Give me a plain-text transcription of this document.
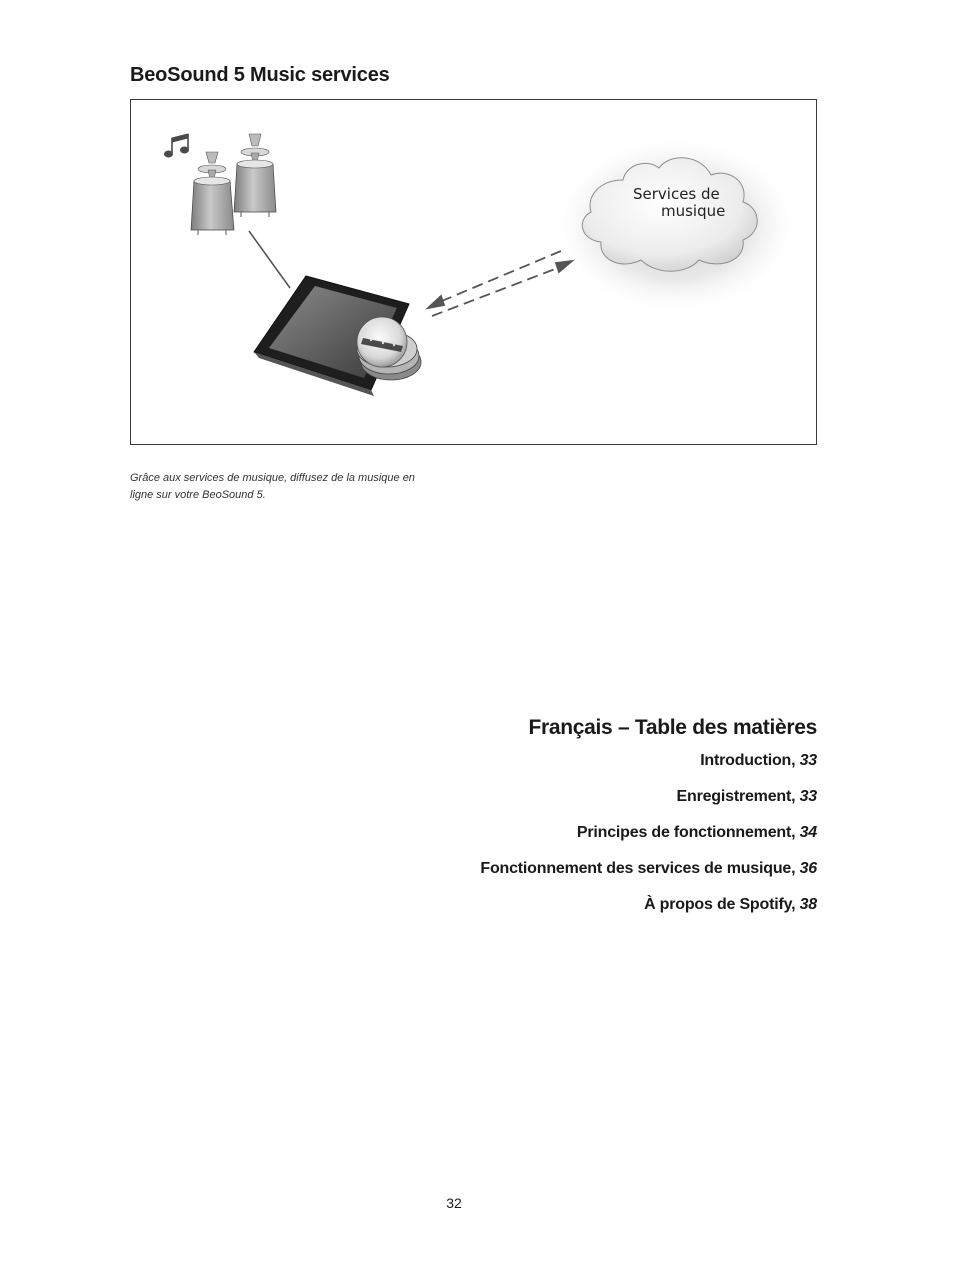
BeoSound 5 Music services
Services de
musique

Grâce aux services de musique, diffusez de la musique en ligne sur votre BeoSound 5.

Français – Table des matières
Introduction, 33
Enregistrement, 33
Principes de fonctionnement, 34
Fonctionnement des services de musique, 36
À propos de Spotify, 38
32
